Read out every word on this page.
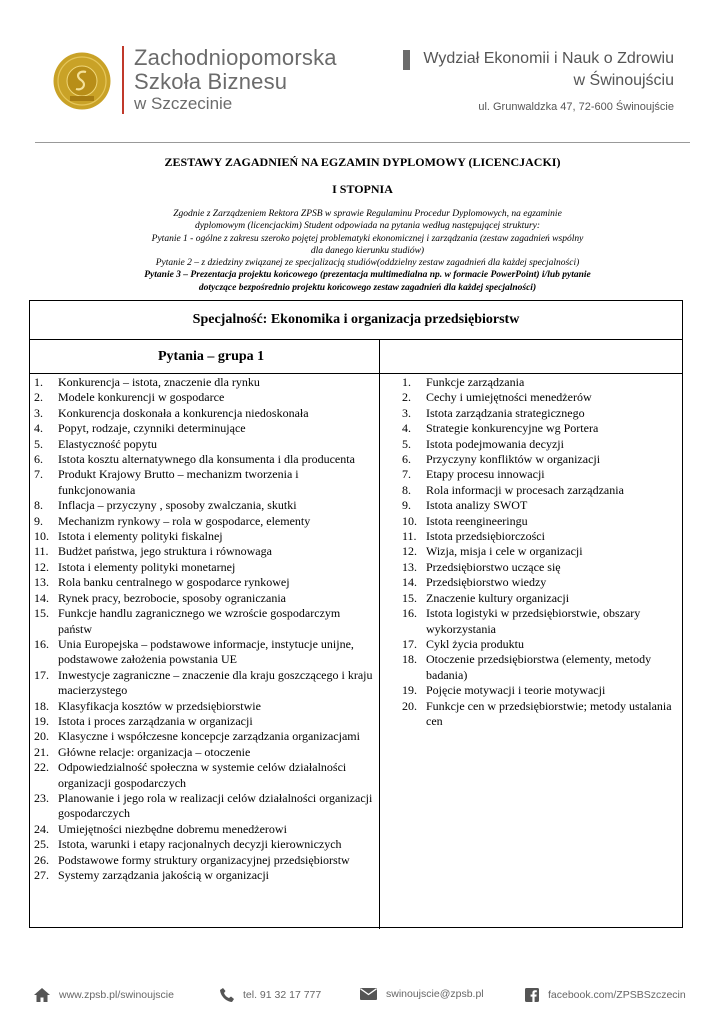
Zachodniopomorska
Szkoła Biznesu
w Szczecinie
Wydział Ekonomii i Nauk o Zdrowiu
w Świnoujściu
ul. Grunwaldzka 47, 72-600 Świnoujście
ZESTAWY ZAGADNIEŃ NA EGZAMIN DYPLOMOWY (LICENCJACKI)
I STOPNIA
Zgodnie z Zarządzeniem Rektora ZPSB w sprawie Regulaminu Procedur Dyplomowych, na egzaminie
dyplomowym (licencjackim) Student odpowiada na pytania według następującej struktury:
Pytanie 1 - ogólne z zakresu szeroko pojętej problematyki ekonomicznej i zarządzania (zestaw zagadnień wspólny
dla danego kierunku studiów)
Pytanie 2 – z dziedziny związanej ze specjalizacją studiów(oddzielny zestaw zagadnień dla każdej specjalności)
Pytanie 3 – Prezentacja projektu końcowego (prezentacja multimedialna np. w formacie PowerPoint) i/lub pytanie
dotyczące bezpośrednio projektu końcowego zestaw zagadnień dla każdej specjalności)
Specjalność: Ekonomika i organizacja przedsiębiorstw
Pytania – grupa 1
1.	Konkurencja – istota, znaczenie dla rynku
2.	Modele konkurencji w gospodarce
3.	Konkurencja doskonała a konkurencja niedoskonała
4.	Popyt, rodzaje, czynniki determinujące
5.	Elastyczność popytu
6.	Istota kosztu alternatywnego dla konsumenta i dla producenta
7.	Produkt Krajowy Brutto – mechanizm tworzenia i funkcjonowania
8.	Inflacja – przyczyny , sposoby zwalczania, skutki
9.	Mechanizm rynkowy – rola w gospodarce, elementy
10. Istota i elementy polityki fiskalnej
11. Budżet państwa, jego struktura i równowaga
12. Istota i elementy polityki monetarnej
13. Rola banku centralnego w gospodarce rynkowej
14. Rynek pracy, bezrobocie, sposoby ograniczania
15. Funkcje handlu zagranicznego we wzroście gospodarczym państw
16. Unia Europejska – podstawowe informacje, instytucje unijne, podstawowe założenia powstania UE
17. Inwestycje zagraniczne – znaczenie dla kraju goszczącego i kraju macierzystego
18. Klasyfikacja kosztów w przedsiębiorstwie
19. Istota i proces zarządzania w organizacji
20. Klasyczne i współczesne koncepcje zarządzania organizacjami
21. Główne relacje: organizacja – otoczenie
22. Odpowiedzialność społeczna w systemie celów działalności organizacji gospodarczych
23. Planowanie i jego rola w realizacji celów działalności organizacji gospodarczych
24. Umiejętności niezbędne dobremu menedżerowi
25. Istota, warunki i etapy racjonalnych decyzji kierowniczych
26. Podstawowe formy struktury organizacyjnej przedsiębiorstw
27. Systemy zarządzania jakością w organizacji
1.	Funkcje zarządzania
2.	Cechy i umiejętności menedżerów
3.	Istota zarządzania strategicznego
4.	Strategie konkurencyjne wg Portera
5.	Istota podejmowania decyzji
6.	Przyczyny konfliktów w organizacji
7.	Etapy procesu innowacji
8.	Rola informacji w procesach zarządzania
9.	Istota analizy SWOT
10. Istota reengineeringu
11. Istota przedsiębiorczości
12. Wizja, misja i cele w organizacji
13. Przedsiębiorstwo uczące się
14. Przedsiębiorstwo wiedzy
15. Znaczenie kultury organizacji
16. Istota logistyki w przedsiębiorstwie, obszary wykorzystania
17. Cykl życia produktu
18. Otoczenie przedsiębiorstwa (elementy, metody badania)
19. Pojęcie motywacji i teorie motywacji
20. Funkcje cen w przedsiębiorstwie; metody ustalania cen
www.zpsb.pl/swinoujscie	tel. 91 32 17 777	swinoujscie@zpsb.pl	facebook.com/ZPSBSzczecin
